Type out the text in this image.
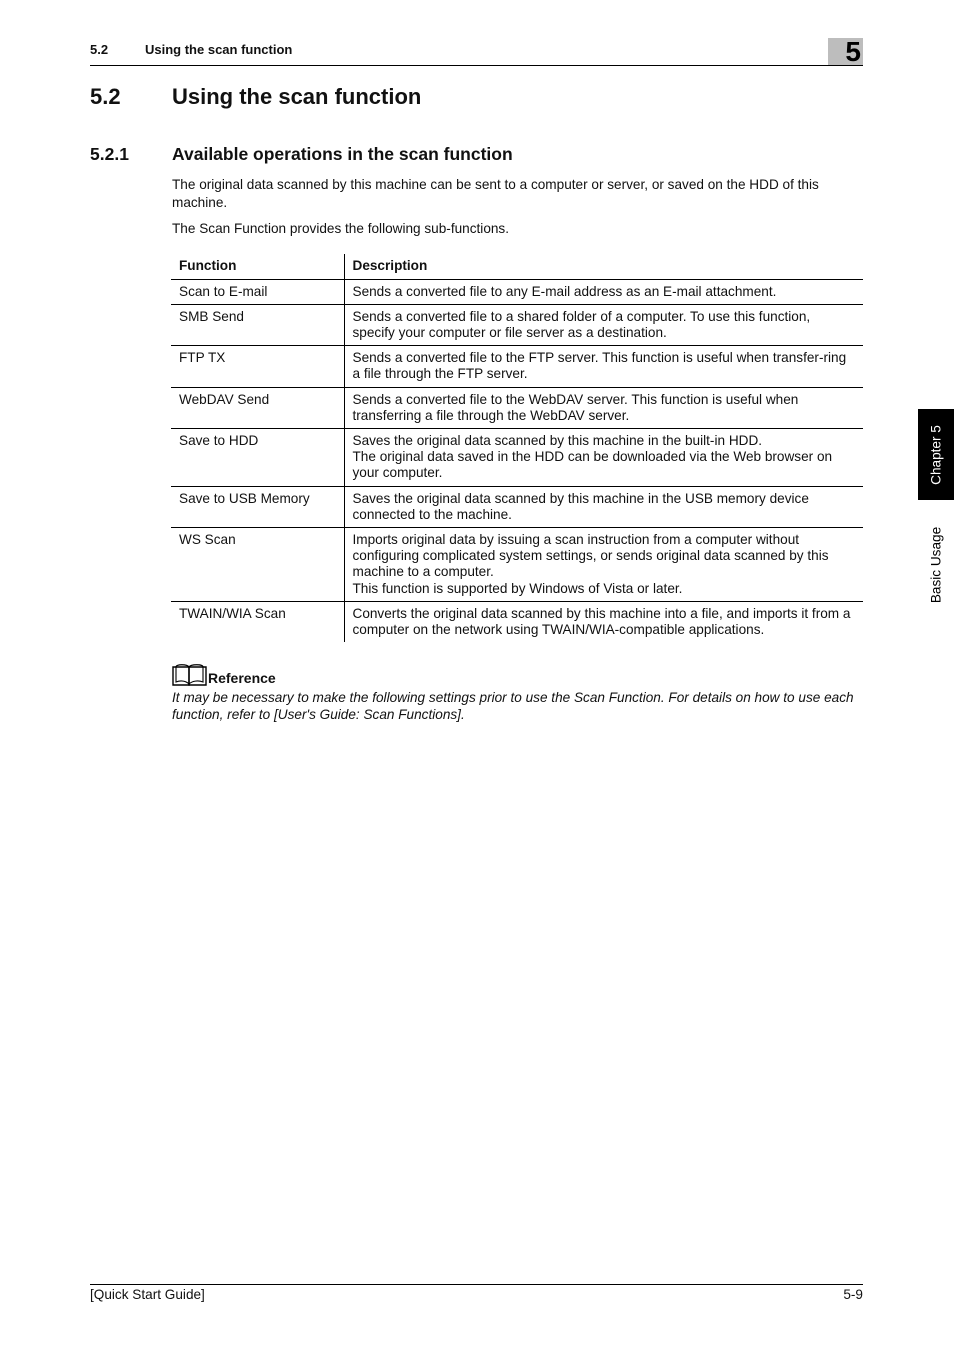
5.2	Using the scan function	5
5.2 Using the scan function
5.2.1 Available operations in the scan function

The original data scanned by this machine can be sent to a computer or server, or saved on the HDD of this machine.

The Scan Function provides the following sub-functions.

Function	Description
Scan to E-mail	Sends a converted file to any E-mail address as an E-mail attachment.

SMB Send	Sends a converted file to a shared folder of a computer. To use this function, specify your computer or file server as a destination.

FTP TX	Sends a converted file to the FTP server. This function is useful when transfer-ring a file through the FTP server.

WebDAV Send	Sends a converted file to the WebDAV server. This function is useful when transferring a file through the WebDAV server.

Save to HDD	Saves the original data scanned by this machine in the built-in HDD.
The original data saved in the HDD can be downloaded via the Web browser on your computer.

Save to USB Memory	Saves the original data scanned by this machine in the USB memory device connected to the machine.

WS Scan	Imports original data by issuing a scan instruction from a computer without configuring complicated system settings, or sends original data scanned by this machine to a computer.
This function is supported by Windows of Vista or later.

TWAIN/WIA Scan	Converts the original data scanned by this machine into a file, and imports it from a computer on the network using TWAIN/WIA-compatible applications.
Reference

It may be necessary to make the following settings prior to use the Scan Function. For details on how to use each function, refer to [User's Guide: Scan Functions].

Chapter 5
Basic Usage
[Quick Start Guide]	5-9
